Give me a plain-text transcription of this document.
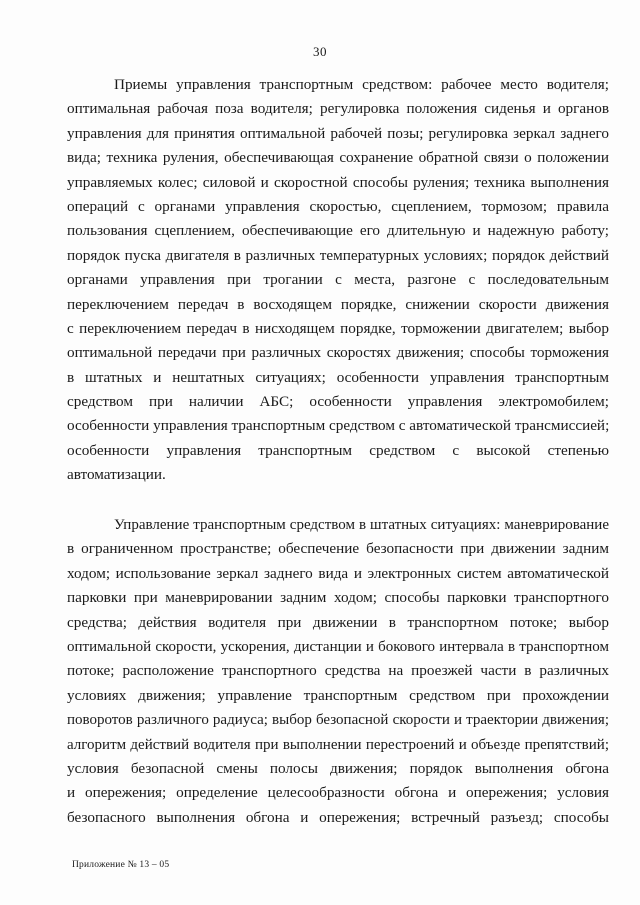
30
Приемы управления транспортным средством: рабочее место водителя;
оптимальная рабочая поза водителя; регулировка положения сиденья и органов
управления для принятия оптимальной рабочей позы; регулировка зеркал заднего
вида; техника руления, обеспечивающая сохранение обратной связи о положении
управляемых колес; силовой и скоростной способы руления; техника выполнения
операций с органами управления скоростью, сцеплением, тормозом; правила
пользования сцеплением, обеспечивающие его длительную и надежную работу;
порядок пуска двигателя в различных температурных условиях; порядок действий
органами управления при трогании с места, разгоне с последовательным
переключением передач в восходящем порядке, снижении скорости движения
с переключением передач в нисходящем порядке, торможении двигателем; выбор
оптимальной передачи при различных скоростях движения; способы торможения
в штатных и нештатных ситуациях; особенности управления транспортным
средством при наличии АБС; особенности управления электромобилем;
особенности управления транспортным средством с автоматической трансмиссией;
особенности управления транспортным средством с высокой степенью
автоматизации.
Управление транспортным средством в штатных ситуациях: маневрирование
в ограниченном пространстве; обеспечение безопасности при движении задним
ходом; использование зеркал заднего вида и электронных систем автоматической
парковки при маневрировании задним ходом; способы парковки транспортного
средства; действия водителя при движении в транспортном потоке; выбор
оптимальной скорости, ускорения, дистанции и бокового интервала в транспортном
потоке; расположение транспортного средства на проезжей части в различных
условиях движения; управление транспортным средством при прохождении
поворотов различного радиуса; выбор безопасной скорости и траектории движения;
алгоритм действий водителя при выполнении перестроений и объезде препятствий;
условия безопасной смены полосы движения; порядок выполнения обгона
и опережения; определение целесообразности обгона и опережения; условия
безопасного выполнения обгона и опережения; встречный разъезд; способы
Приложение № 13 – 05
